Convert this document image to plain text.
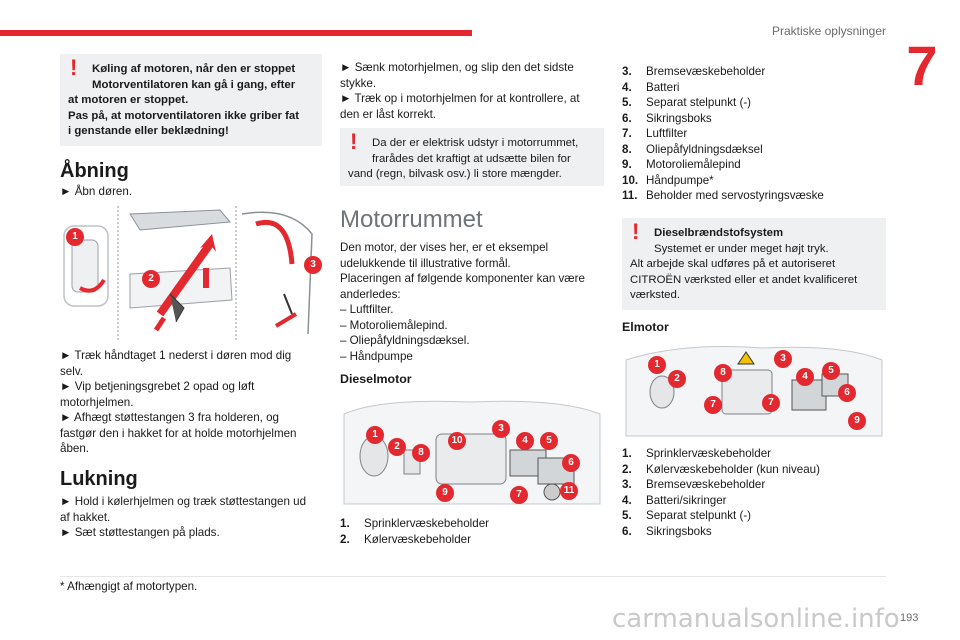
Praktiske oplysninger
7
!	Køling af motoren, når den er stoppet
Motorventilatoren kan gå i gang, efter
at motoren er stoppet.
Pas på, at motorventilatoren ikke griber fat
i genstande eller beklædning!
Åbning
► Åbn døren.
1
2
3
► Træk håndtaget 1 nederst i døren mod dig
selv.
► Vip betjeningsgrebet 2 opad og løft
motorhjelmen.
► Afhægt støttestangen 3 fra holderen, og
fastgør den i hakket for at holde motorhjelmen
åben.
Lukning
► Hold i kølerhjelmen og træk støttestangen ud
af hakket.
► Sæt støttestangen på plads.
► Sænk motorhjelmen, og slip den det sidste
stykke.
► Træk op i motorhjelmen for at kontrollere, at
den er låst korrekt.
!	Da der er elektrisk udstyr i motorrummet,
frarådes det kraftigt at udsætte bilen for
vand (regn, bilvask osv.) li store mængder.
Motorrummet
Den motor, der vises her, er et eksempel
udelukkende til illustrative formål.
Placeringen af følgende komponenter kan være
anderledes:
– Luftfilter.
– Motoroliemålepind.
– Oliepåfyldningsdæksel.
– Håndpumpe
Dieselmotor
1
2
8
10
3
4	5
6
9	7	11
1.	Sprinklervæskebeholder
2.	Kølervæskebeholder
3.	Bremsevæskebeholder
4.	Batteri
5.	Separat stelpunkt (-)
6.	Sikringsboks
7.	Luftfilter
8.	Oliepåfyldningsdæksel
9.	Motoroliemålepind
10. Håndpumpe*
11. Beholder med servostyringsvæske
!	Dieselbrændstofsystem
Systemet er under meget højt tryk.
Alt arbejde skal udføres på et autoriseret
CITROËN værksted eller et andet kvalificeret
værksted.
Elmotor
1
2
8
3
4
5
6
7	7
9
1.	Sprinklervæskebeholder
2.	Kølervæskebeholder (kun niveau)
3.	Bremsevæskebeholder
4.	Batteri/sikringer
5.	Separat stelpunkt (-)
6.	Sikringsboks
* Afhængigt af motortypen.
carmanualsonline.info 193
